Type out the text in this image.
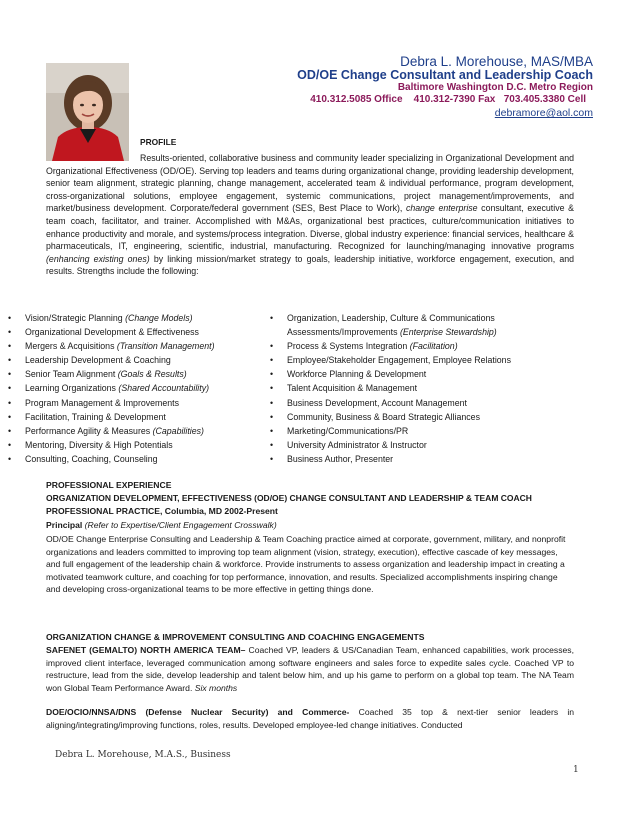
Debra L. Morehouse, MAS/MBA
OD/OE Change Consultant and Leadership Coach
Baltimore Washington D.C. Metro Region
410.312.5085 Office    410.312-7390 Fax   703.405.3380 Cell
debramore@aol.com
PROFILE
Results-oriented, collaborative business and community leader specializing in Organizational Development and Organizational Effectiveness (OD/OE). Serving top leaders and teams during organizational change, providing leadership development, senior team alignment, strategic planning, change management, accelerated team & individual performance, program development, cross-organizational solutions, employee engagement, systemic communications, project management/improvements, and market/business development. Corporate/federal government (SES, Best Place to Work), change enterprise consultant, executive & team coach, facilitator, and trainer. Accomplished with M&As, organizational best practices, culture/communication initiatives to enhance productivity and morale, and systems/process integration. Diverse, global industry experience: financial services, healthcare & pharmaceuticals, IT, engineering, scientific, industrial, manufacturing. Recognized for launching/managing innovative programs (enhancing existing ones) by linking mission/market strategy to goals, leadership initiative, workforce engagement, execution, and results. Strengths include the following:
• Vision/Strategic Planning (Change Models)
• Organizational Development & Effectiveness
• Mergers & Acquisitions (Transition Management)
• Leadership Development & Coaching
• Senior Team Alignment (Goals & Results)
• Learning Organizations (Shared Accountability)
• Program Management & Improvements
• Facilitation, Training & Development
• Performance Agility & Measures (Capabilities)
• Mentoring, Diversity & High Potentials
• Consulting, Coaching, Counseling
• Organization, Leadership, Culture & Communications Assessments/Improvements (Enterprise Stewardship)
• Process & Systems Integration (Facilitation)
• Employee/Stakeholder Engagement, Employee Relations
• Workforce Planning & Development
• Talent Acquisition & Management
• Business Development, Account Management
• Community, Business & Board Strategic Alliances
• Marketing/Communications/PR
• University Administrator & Instructor
• Business Author, Presenter
PROFESSIONAL EXPERIENCE
ORGANIZATION DEVELOPMENT, EFFECTIVENESS (OD/OE) CHANGE CONSULTANT AND LEADERSHIP & TEAM COACH
PROFESSIONAL PRACTICE, Columbia, MD 2002-Present
Principal (Refer to Expertise/Client Engagement Crosswalk)
OD/OE Change Enterprise Consulting and Leadership & Team Coaching practice aimed at corporate, government, military, and nonprofit organizations and leaders committed to improving top team alignment (vision, strategy, execution), effective cascade of key messages, and full engagement of the leadership chain & workforce. Provide instruments to assess organization and leadership impact in creating a motivated teamwork culture, and coaching for top performance, innovation, and results. Specialized accomplishments inspiring change and developing cross-organizational teams to be more effective in getting things done.
ORGANIZATION CHANGE & IMPROVEMENT CONSULTING AND COACHING ENGAGEMENTS
SAFENET (GEMALTO) NORTH AMERICA TEAM– Coached VP, leaders & US/Canadian Team, enhanced capabilities, work processes, improved client interface, leveraged communication among software engineers and sales force to expedite sales cycle. Coached VP to restructure, lead from the side, develop leadership and talent below him, and up his game to perform on a global top team. The NA Team won Global Team Performance Award. Six months
DOE/OCIO/NNSA/DNS (Defense Nuclear Security) and Commerce- Coached 35 top & next-tier senior leaders in aligning/integrating/improving functions, roles, results. Developed employee-led change initiatives. Conducted
Debra L. Morehouse, M.A.S., Business
1
